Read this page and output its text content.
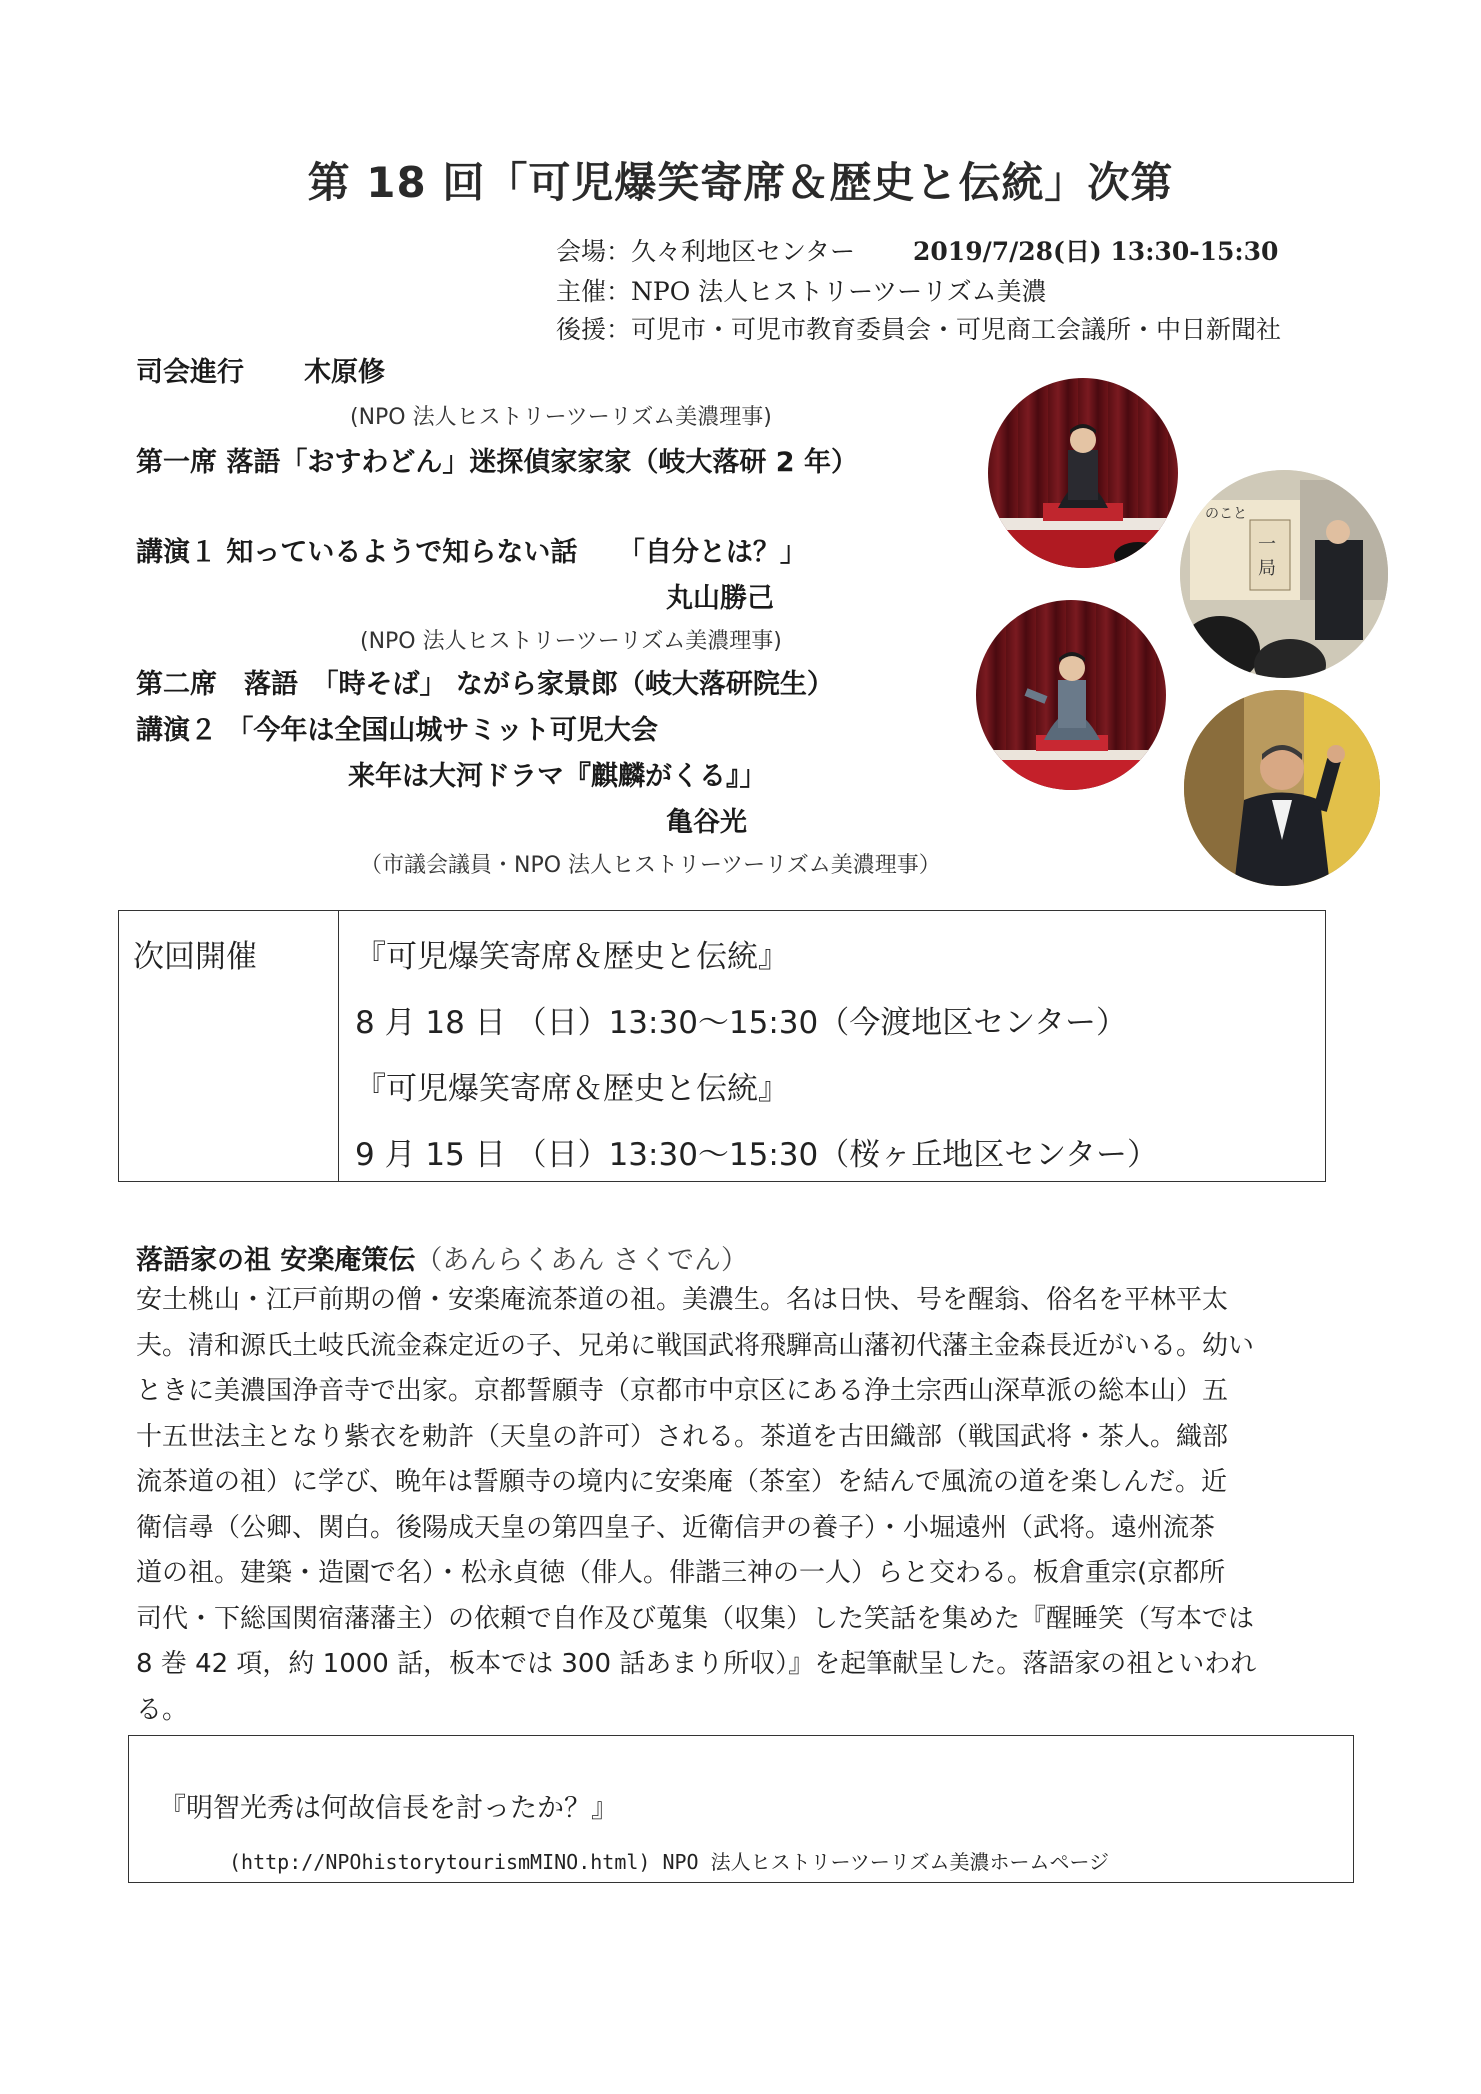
第 18 回「可児爆笑寄席＆歴史と伝統」次第
会場：久々利地区センター 2019/7/28(日) 13:30-15:30
主催：NPO 法人ヒストリーツーリズム美濃
後援：可児市・可児市教育委員会・可児商工会議所・中日新聞社
司会進行 木原修
(NPO 法人ヒストリーツーリズム美濃理事)
第一席 落語「おすわどん」迷探偵家家家（岐大落研 2 年）
講演１ 知っているようで知らない話　　「自分とは？」
丸山勝己
(NPO 法人ヒストリーツーリズム美濃理事)
第二席　落語　「時そば」 ながら家景郎（岐大落研院生）
講演２ 「今年は全国山城サミット可児大会
来年は大河ドラマ『麒麟がくる』」
亀谷光
（市議会議員・NPO 法人ヒストリーツーリズム美濃理事）
のこと
一
局
次回開催	『可児爆笑寄席＆歴史と伝統』
8 月 18 日 （日）13:30〜15:30（今渡地区センター）
『可児爆笑寄席＆歴史と伝統』
9 月 15 日 （日）13:30〜15:30（桜ヶ丘地区センター）
落語家の祖 安楽庵策伝（あんらくあん さくでん）
安土桃山・江戸前期の僧・安楽庵流茶道の祖。美濃生。名は日快、号を醒翁、俗名を平林平太
夫。清和源氏土岐氏流金森定近の子、兄弟に戦国武将飛騨高山藩初代藩主金森長近がいる。幼い
ときに美濃国浄音寺で出家。京都誓願寺（京都市中京区にある浄土宗西山深草派の総本山）五
十五世法主となり紫衣を勅許（天皇の許可）される。茶道を古田織部（戦国武将・茶人。織部
流茶道の祖）に学び、晩年は誓願寺の境内に安楽庵（茶室）を結んで風流の道を楽しんだ。近
衛信尋（公卿、関白。後陽成天皇の第四皇子、近衛信尹の養子）・小堀遠州（武将。遠州流茶
道の祖。建築・造園で名）・松永貞徳（俳人。俳諧三神の一人）らと交わる。板倉重宗(京都所
司代・下総国関宿藩藩主）の依頼で自作及び蒐集（収集）した笑話を集めた『醒睡笑（写本では
8 巻 42 項，約 1000 話，板本では 300 話あまり所収）』を起筆献呈した。落語家の祖といわれ
る。
『明智光秀は何故信長を討ったか？』
(http://NPOhistorytourismMINO.html) NPO 法人ヒストリーツーリズム美濃ホームページ
